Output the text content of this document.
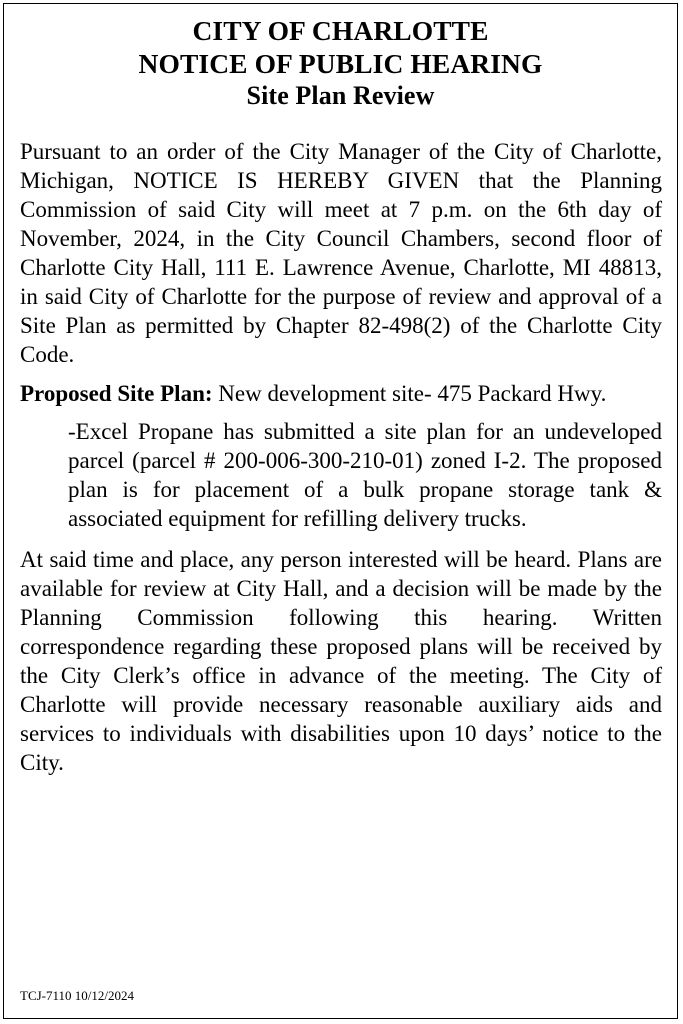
CITY OF CHARLOTTE

NOTICE OF PUBLIC HEARING

Site Plan Review

Pursuant to an order of the City Manager of the City of Charlotte, Michigan, NOTICE IS HEREBY GIVEN that the Planning Commission of said City will meet at 7 p.m. on the 6th day of November, 2024, in the City Council Chambers, second floor of Charlotte City Hall, 111 E. Lawrence Avenue, Charlotte, MI 48813, in said City of Charlotte for the purpose of review and approval of a Site Plan as permitted by Chapter 82-498(2) of the Charlotte City Code.

Proposed Site Plan: New development site- 475 Packard Hwy.

-Excel Propane has submitted a site plan for an undeveloped parcel (parcel # 200-006-300-210-01) zoned I-2. The proposed plan is for placement of a bulk propane storage tank & associated equipment for refilling delivery trucks.

At said time and place, any person interested will be heard. Plans are available for review at City Hall, and a decision will be made by the Planning Commission following this hearing. Written correspondence regarding these proposed plans will be received by the City Clerk’s office in advance of the meeting. The City of Charlotte will provide necessary reasonable auxiliary aids and services to individuals with disabilities upon 10 days’ notice to the City.

TCJ-7110 10/12/2024
